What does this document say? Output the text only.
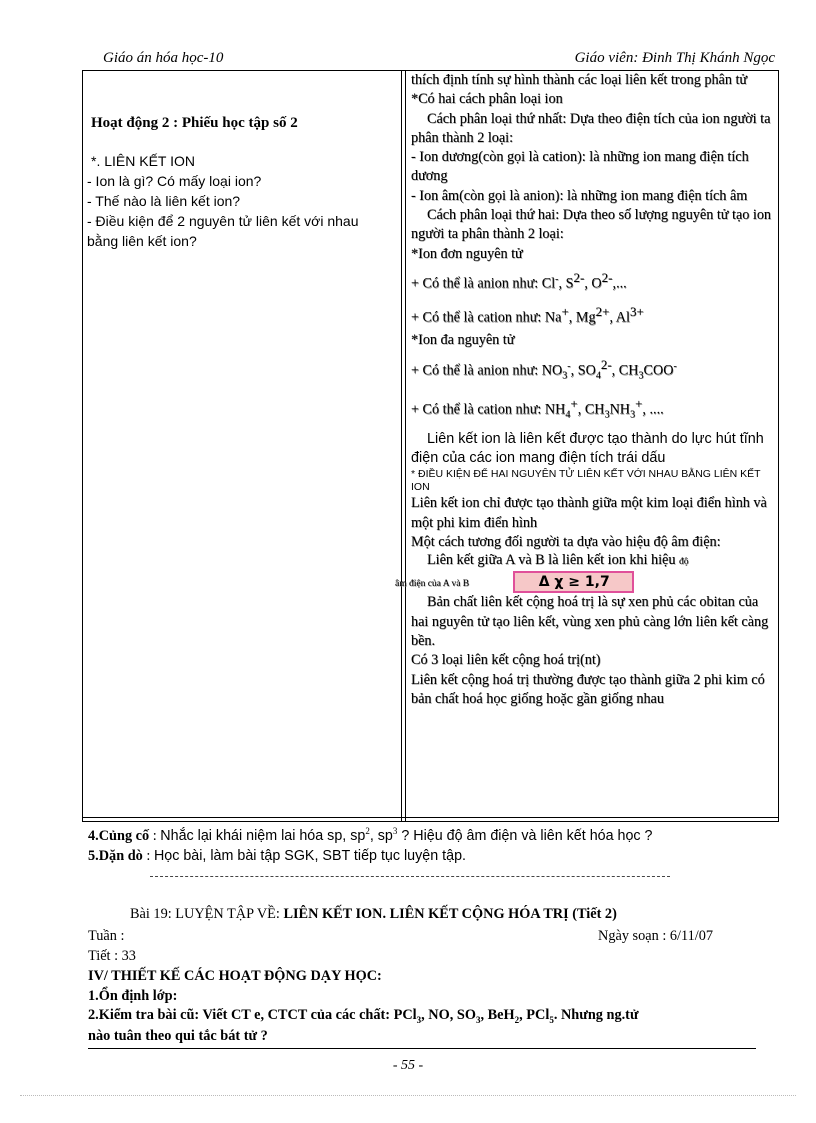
Giáo án hóa học-10	Giáo viên: Đinh Thị Khánh Ngọc
Hoạt động 2 : Phiếu học tập số 2
*. LIÊN KẾT ION
- Ion là gì? Có mấy loại ion?
- Thế nào là liên kết ion?
- Điều kiện để 2 nguyên tử liên kết với nhau bằng liên kết ion?

thích định tính sự hình thành các loại liên kết trong phân tử

*Có hai cách phân loại ion

Cách phân loại thứ nhất: Dựa theo điện tích của ion người ta phân thành 2 loại:

- Ion dương(còn gọi là cation): là những ion mang điện tích dương

- Ion âm(còn gọi là anion): là những ion mang điện tích âm

Cách phân loại thứ hai: Dựa theo số lượng nguyên tử tạo ion người ta phân thành 2 loại:

*Ion đơn nguyên tử

+ Có thể là anion như: Cl-, $S^{2-}$, $O^{2-}$,...

+ Có thể là cation như: Na+, $Mg^{2+}$, $Al^{3+}$

*Ion đa nguyên tử

+ Có thể là anion như: $NO_3^-$, $SO_4^{2-}$, $CH_3COO^-$

+ Có thể là cation như: $NH_4^+$, $CH_3NH_3^+$, ....

Liên kết ion là liên kết được tạo thành do lực hút tĩnh điện của các ion mang điện tích trái dấu

* ĐIỀU KIỆN ĐỂ HAI NGUYÊN TỬ LIÊN KẾT VỚI NHAU BẰNG LIÊN KẾT ION

Liên kết ion chỉ được tạo thành giữa một kim loại điển hình và một phi kim điển hình

Một cách tương đối người ta dựa vào hiệu độ âm điện:

Liên kết giữa A và B là liên kết ion khi hiệu độ
âm điện của A và B	Δ χ ≥ 1,7

Bản chất liên kết cộng hoá trị là sự xen phủ các obitan của hai nguyên tử tạo liên kết, vùng xen phủ càng lớn liên kết càng bền.

Có 3 loại liên kết cộng hoá trị(nt)

Liên kết cộng hoá trị thường được tạo thành giữa 2 phi kim có bản chất hoá học giống hoặc gần giống nhau

4.Củng cố : Nhắc lại khái niệm lai hóa sp, $sp^2$, $sp^3$ ? Hiệu độ âm điện và liên kết hóa học ?
5.Dặn dò : Học bài, làm bài tập SGK, SBT tiếp tục luyện tập.
Bài 19: LUYỆN TẬP VỀ: LIÊN KẾT ION. LIÊN KẾT CỘNG HÓA TRỊ (Tiết 2)
Tuần :	Ngày soạn : 6/11/07
Tiết : 33
IV/ THIẾT KẾ CÁC HOẠT ĐỘNG DẠY HỌC:
1.Ổn định lớp:
2.Kiểm tra bài cũ: Viết CT e, CTCT của các chất: PCl$_3$, NO, $SO_3$, BeH$_2$, PCl$_5$. Nhưng ng.tử
nào tuân theo qui tắc bát tử ?
- 55 -
